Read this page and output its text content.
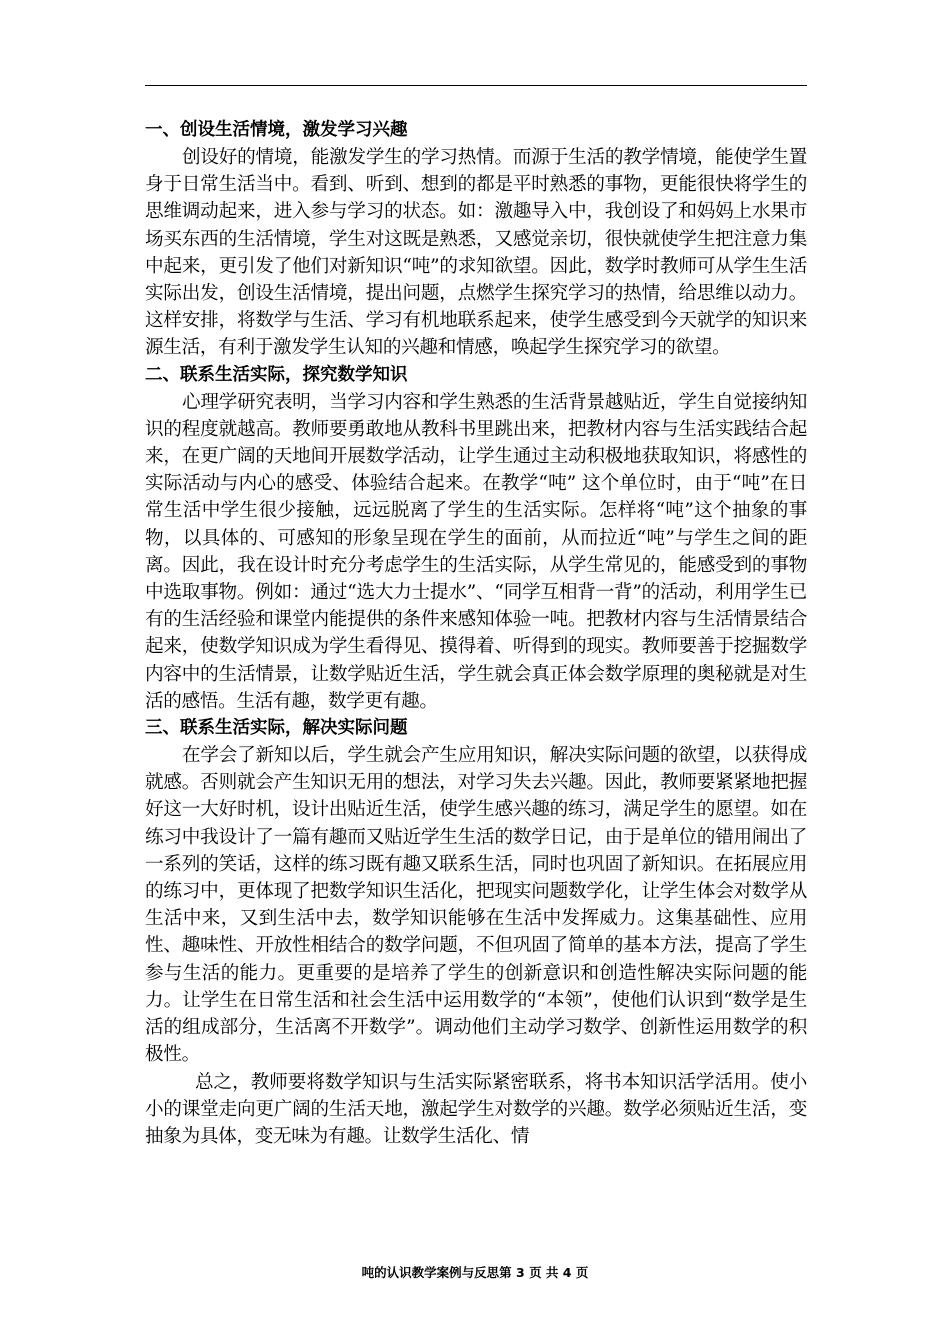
一、创设生活情境，激发学习兴趣

创设好的情境，能激发学生的学习热情。而源于生活的教学情境，能使学生置身于日常生活当中。看到、听到、想到的都是平时熟悉的事物，更能很快将学生的思维调动起来，进入参与学习的状态。如：激趣导入中，我创设了和妈妈上水果市场买东西的生活情境，学生对这既是熟悉，又感觉亲切，很快就使学生把注意力集中起来，更引发了他们对新知识“吨”的求知欲望。因此，数学时教师可从学生生活实际出发，创设生活情境，提出问题，点燃学生探究学习的热情，给思维以动力。这样安排，将数学与生活、学习有机地联系起来，使学生感受到今天就学的知识来源生活，有利于激发学生认知的兴趣和情感，唤起学生探究学习的欲望。

二、联系生活实际，探究数学知识

心理学研究表明，当学习内容和学生熟悉的生活背景越贴近，学生自觉接纳知识的程度就越高。教师要勇敢地从教科书里跳出来，把教材内容与生活实践结合起来，在更广阔的天地间开展数学活动，让学生通过主动积极地获取知识，将感性的实际活动与内心的感受、体验结合起来。在教学“吨” 这个单位时，由于“吨”在日常生活中学生很少接触，远远脱离了学生的生活实际。怎样将“吨”这个抽象的事物，以具体的、可感知的形象呈现在学生的面前，从而拉近“吨”与学生之间的距离。因此，我在设计时充分考虑学生的生活实际，从学生常见的，能感受到的事物中选取事物。例如：通过“选大力士提水”、“同学互相背一背”的活动，利用学生已有的生活经验和课堂内能提供的条件来感知体验一吨。把教材内容与生活情景结合起来，使数学知识成为学生看得见、摸得着、听得到的现实。教师要善于挖掘数学内容中的生活情景，让数学贴近生活，学生就会真正体会数学原理的奥秘就是对生活的感悟。生活有趣，数学更有趣。

三、联系生活实际，解决实际问题

在学会了新知以后，学生就会产生应用知识，解决实际问题的欲望，以获得成就感。否则就会产生知识无用的想法，对学习失去兴趣。因此，教师要紧紧地把握好这一大好时机，设计出贴近生活，使学生感兴趣的练习，满足学生的愿望。如在练习中我设计了一篇有趣而又贴近学生生活的数学日记，由于是单位的错用闹出了一系列的笑话，这样的练习既有趣又联系生活，同时也巩固了新知识。在拓展应用的练习中，更体现了把数学知识生活化，把现实问题数学化，让学生体会对数学从生活中来，又到生活中去，数学知识能够在生活中发挥威力。这集基础性、应用性、趣味性、开放性相结合的数学问题，不但巩固了简单的基本方法，提高了学生参与生活的能力。更重要的是培养了学生的创新意识和创造性解决实际问题的能力。让学生在日常生活和社会生活中运用数学的“本领”，使他们认识到“数学是生活的组成部分，生活离不开数学”。调动他们主动学习数学、创新性运用数学的积极性。

总之，教师要将数学知识与生活实际紧密联系，将书本知识活学活用。使小小的课堂走向更广阔的生活天地，激起学生对数学的兴趣。数学必须贴近生活，变抽象为具体，变无味为有趣。让数学生活化、情

吨的认识教学案例与反思第 3 页 共 4 页
